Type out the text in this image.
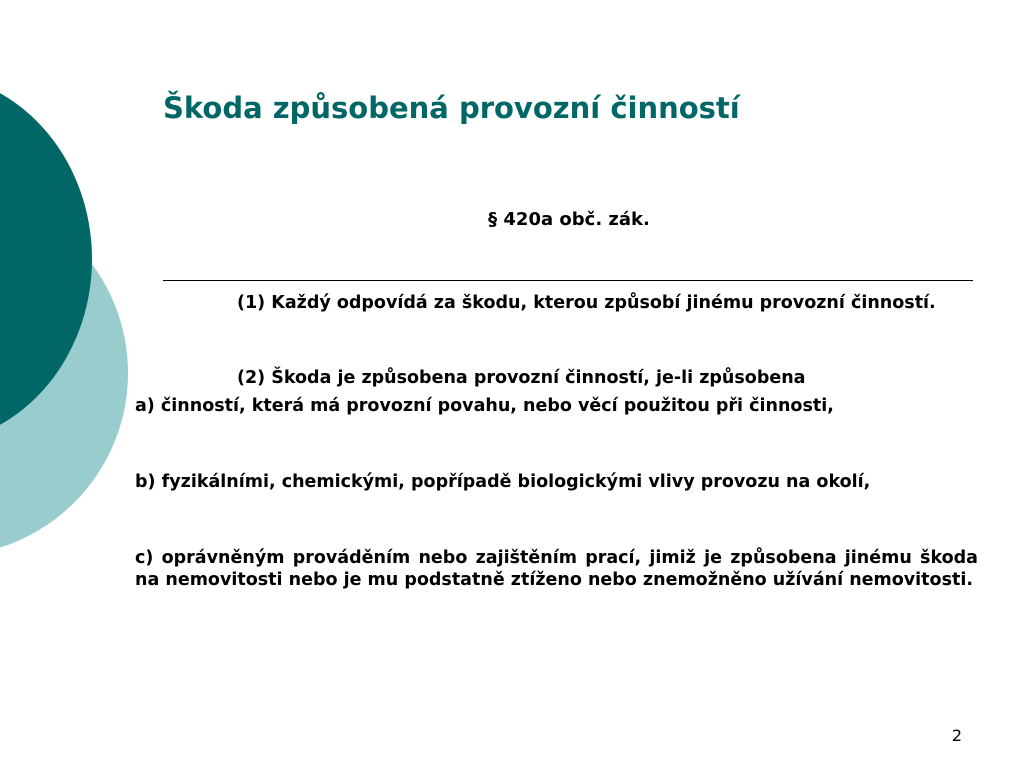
Škoda způsobená provozní činností
§ 420a obč. zák.

(1) Každý odpovídá za škodu, kterou způsobí jinému provozní činností.

(2) Škoda je způsobena provozní činností, je-li způsobena

a) činností, která má provozní povahu, nebo věcí použitou při činnosti,

b) fyzikálními, chemickými, popřípadě biologickými vlivy provozu na okolí,

c) oprávněným prováděním nebo zajištěním prací, jimiž je způsobena jinému škoda na nemovitosti nebo je mu podstatně ztíženo nebo znemožněno užívání nemovitosti.

2
